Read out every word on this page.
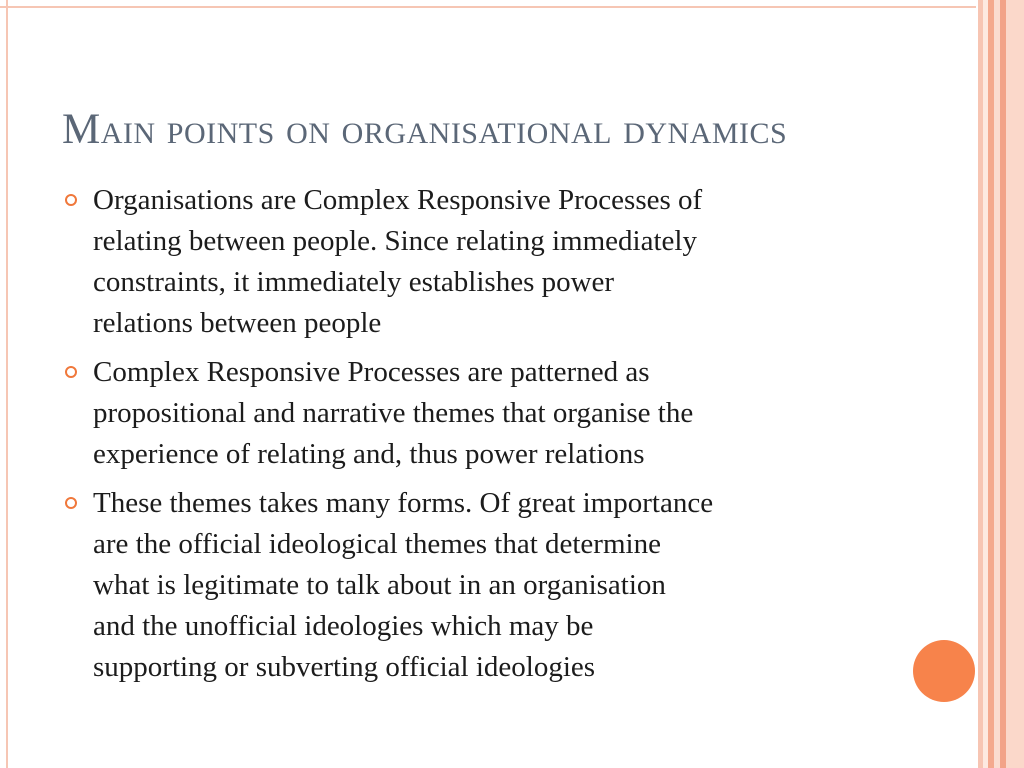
Main points on organisational dynamics
Organisations are Complex Responsive Processes of
relating between people. Since relating immediately
constraints, it immediately establishes power
relations between people
Complex Responsive Processes are patterned as
propositional and narrative themes that organise the
experience of relating and, thus power relations
These themes takes many forms. Of great importance
are the official ideological themes that determine
what is legitimate to talk about in an organisation
and the unofficial ideologies which may be
supporting or subverting official ideologies
